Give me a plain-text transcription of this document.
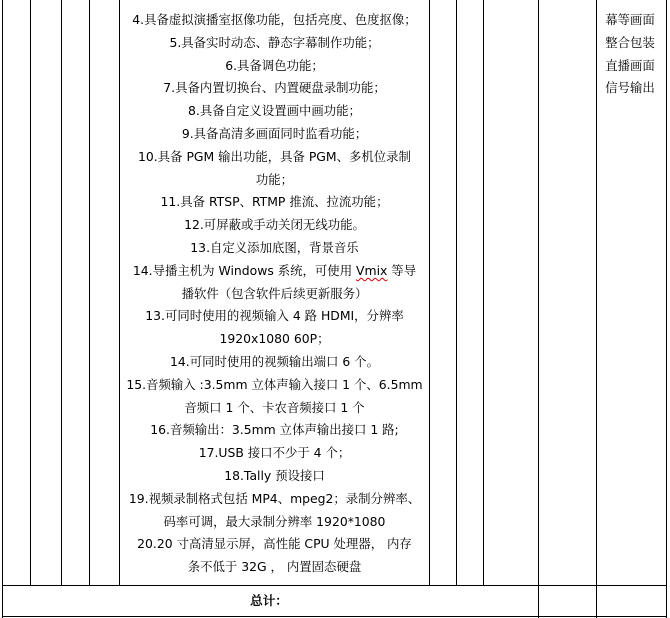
4.具备虚拟演播室抠像功能，包括亮度、色度抠像；
5.具备实时动态、静态字幕制作功能；
6.具备调色功能；
7.具备内置切换台、内置硬盘录制功能；
8.具备自定义设置画中画功能；
9.具备高清多画面同时监看功能；
10.具备 PGM 输出功能，具备 PGM、多机位录制
功能；
11.具备 RTSP、RTMP 推流、拉流功能；
12.可屏蔽或手动关闭无线功能。
13.自定义添加底图，背景音乐
14.导播主机为 Windows 系统，可使用 Vmix 等导
播软件（包含软件后续更新服务）
13.可同时使用的视频输入 4 路 HDMI，分辨率
1920x1080 60P；
14.可同时使用的视频输出端口 6 个。
15.音频输入 :3.5mm 立体声输入接口 1 个、6.5mm
音频口 1 个、卡农音频接口 1 个
16.音频输出：3.5mm 立体声输出接口 1 路;
17.USB 接口不少于 4 个；
18.Tally 预设接口
19.视频录制格式包括 MP4、mpeg2；录制分辨率、
码率可调，最大录制分辨率 1920*1080
20.20 寸高清显示屏，高性能 CPU 处理器， 内存
条不低于 32G ， 内置固态硬盘
幕等画面
整合包装
直播画面
信号输出
总计：
